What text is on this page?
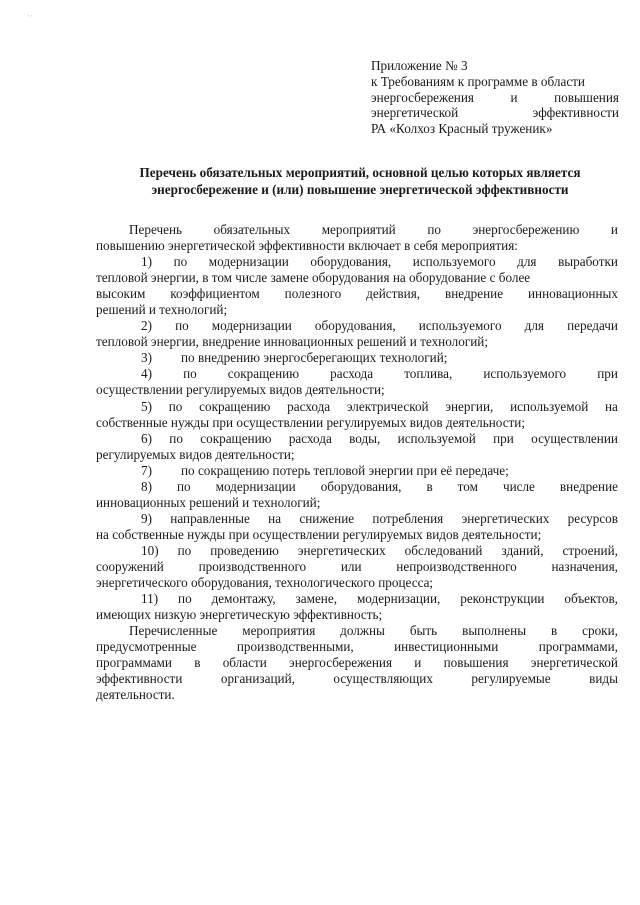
' '
Приложение № 3
к Требованиям к программе в области
энергосбережения	и	повышения
энергетической	эффективности
РА «Колхоз Красный труженик»
Перечень обязательных мероприятий, основной целью которых является
энергосбережение и (или) повышение энергетической эффективности
Перечень обязательных мероприятий по энергосбережению и
повышению энергетической эффективности включает в себя мероприятия:
1) по модернизации оборудования, используемого для выработки
тепловой энергии, в том числе замене оборудования на оборудование с более
высоким коэффициентом полезного действия, внедрение инновационных
решений и технологий;
2) по модернизации оборудования, используемого для передачи
тепловой энергии, внедрение инновационных решений и технологий;
3)	по внедрению энергосберегающих технологий;
4) по сокращению расхода топлива, используемого при
осуществлении регулируемых видов деятельности;
5) по сокращению расхода электрической энергии, используемой на
собственные нужды при осуществлении регулируемых видов деятельности;
6) по сокращению расхода воды, используемой при осуществлении
регулируемых видов деятельности;
7)	по сокращению потерь тепловой энергии при её передаче;
8) по модернизации оборудования, в том числе внедрение
инновационных решений и технологий;
9) направленные на снижение потребления энергетических ресурсов
на собственные нужды при осуществлении регулируемых видов деятельности;
10) по проведению энергетических обследований зданий, строений,
сооружений	производственного	или	непроизводственного	назначения,
энергетического оборудования, технологического процесса;
11) по демонтажу, замене, модернизации, реконструкции объектов,
имеющих низкую энергетическую эффективность;
Перечисленные мероприятия должны быть выполнены в сроки,
предусмотренные	производственными,	инвестиционными	программами,
программами в области энергосбережения и повышения энергетической
эффективности	организаций,	осуществляющих	регулируемые	виды
деятельности.
